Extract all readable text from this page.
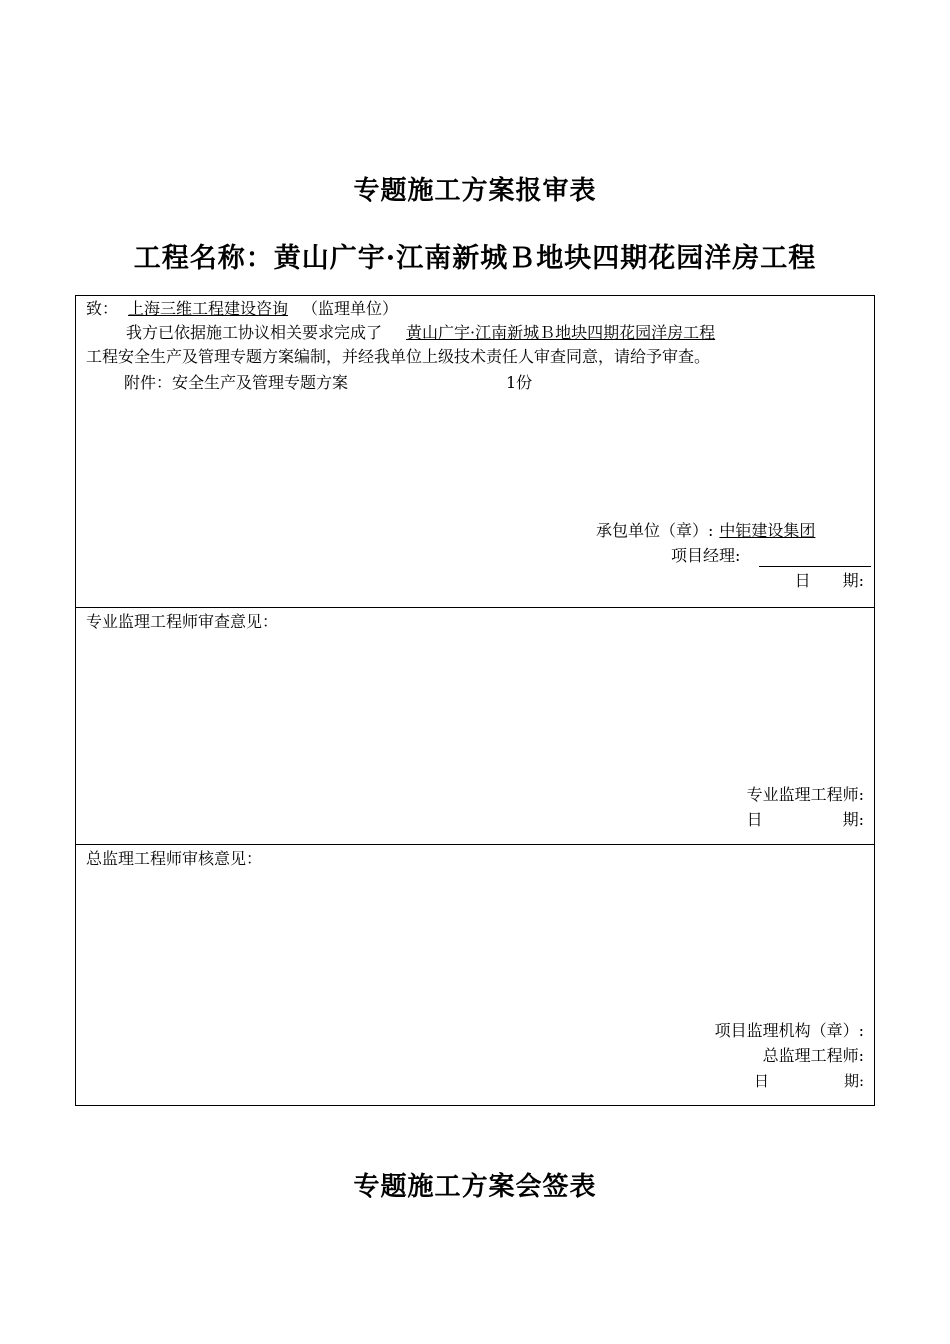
专题施工方案报审表
工程名称：黄山广宇·江南新城Ｂ地块四期花园洋房工程
致： 上海三维工程建设咨询 （监理单位）
我方已依据施工协议相关要求完成了 黄山广宇·江南新城Ｂ地块四期花园洋房工程
工程安全生产及管理专题方案编制，并经我单位上级技术责任人审查同意，请给予审查。
附件：安全生产及管理专题方案	1份
承包单位（章）: 中钜建设集团
项目经理:
日　　期:
专业监理工程师审查意见：
专业监理工程师:
日　　　　　期:
总监理工程师审核意见：
项目监理机构（章）:
总监理工程师:
日　　　　　期:
专题施工方案会签表
